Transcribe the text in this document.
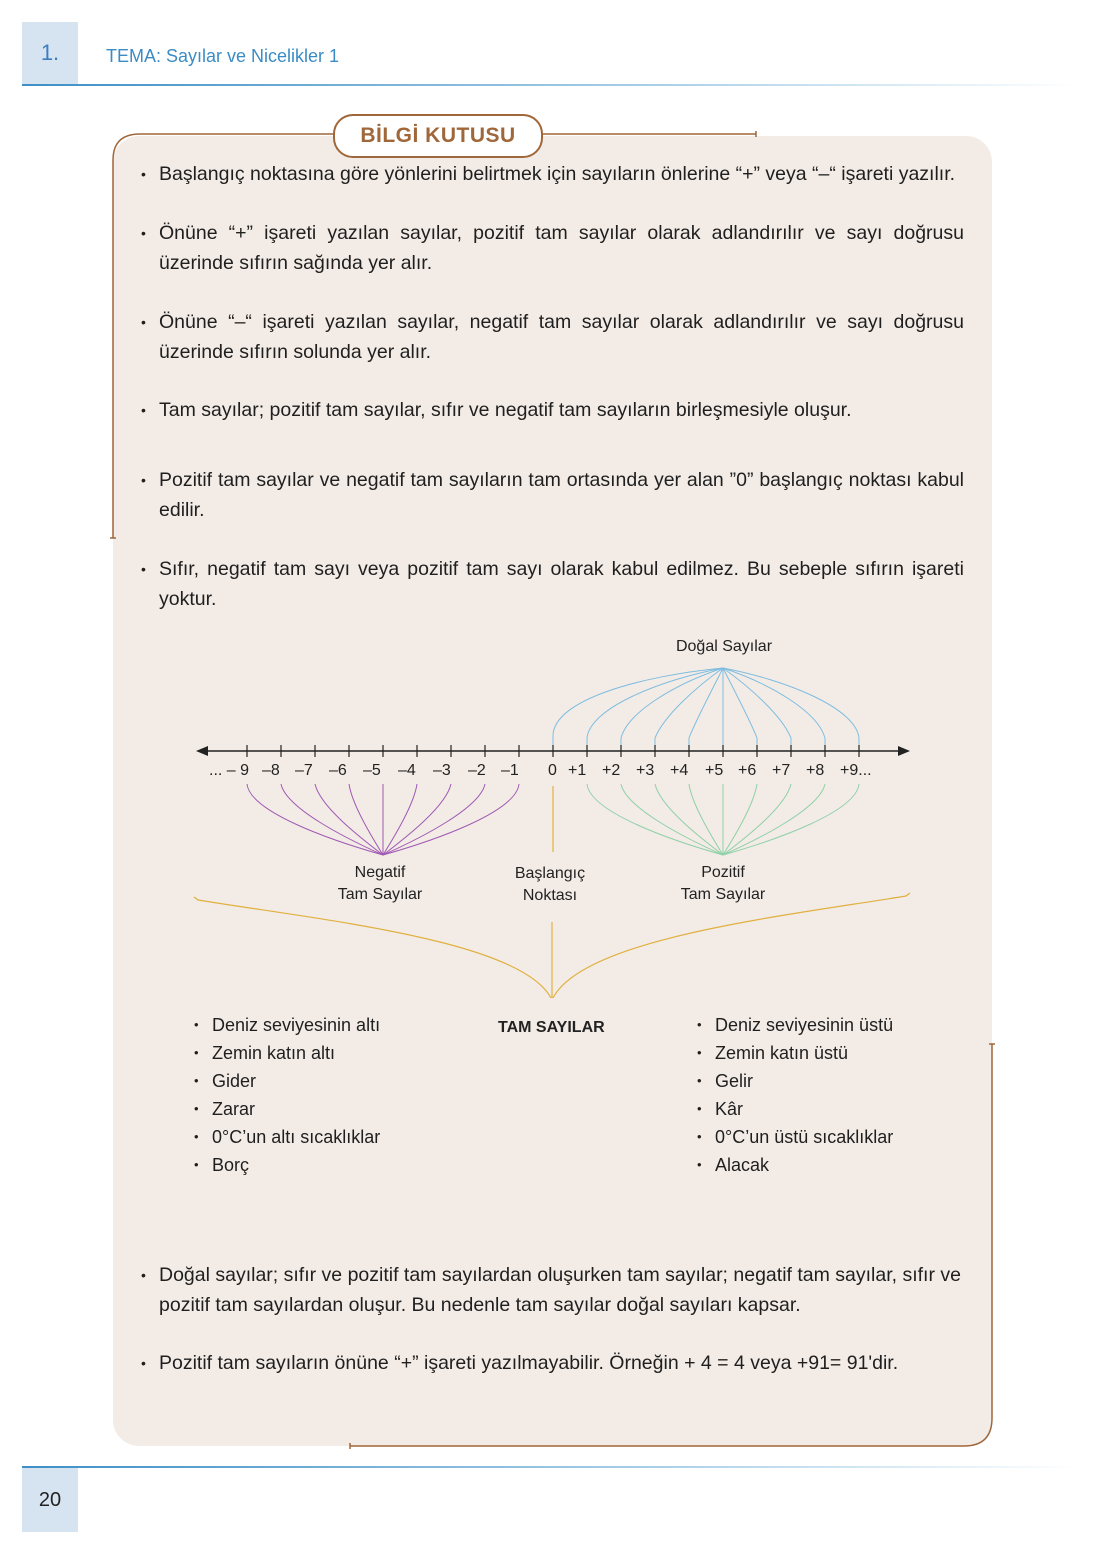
1.	TEMA: Sayılar ve Nicelikler 1
BİLGİ KUTUSU
• Başlangıç noktasına göre yönlerini belirtmek için sayıların önlerine “+” veya “–“ işareti yazılır.
• Önüne “+” işareti yazılan sayılar, pozitif tam sayılar olarak adlandırılır ve sayı doğrusu üzerinde sıfırın sağında yer alır.
• Önüne “–“ işareti yazılan sayılar, negatif tam sayılar olarak adlandırılır ve sayı doğrusu üzerinde sıfırın solunda yer alır.
• Tam sayılar; pozitif tam sayılar, sıfır ve negatif tam sayıların birleşmesiyle oluşur.
• Pozitif tam sayılar ve negatif tam sayıların tam ortasında yer alan ”0” başlangıç noktası kabul edilir.
• Sıfır, negatif tam sayı veya pozitif tam sayı olarak kabul edilmez. Bu sebeple sıfırın işareti yoktur.
Doğal Sayılar
... – 9 –8 –7 –6 –5 –4 –3 –2 –1 0 +1 +2 +3 +4 +5 +6 +7 +8 +9...
Negatif
Tam Sayılar
Başlangıç
Noktası
Pozitif
Tam Sayılar
TAM SAYILAR
• Deniz seviyesinin altı
• Zemin katın altı
• Gider
• Zarar
• 0°C’un altı sıcaklıklar
• Borç
• Deniz seviyesinin üstü
• Zemin katın üstü
• Gelir
• Kâr
• 0°C’un üstü sıcaklıklar
• Alacak
• Doğal sayılar; sıfır ve pozitif tam sayılardan oluşurken tam sayılar; negatif tam sayılar, sıfır ve pozitif tam sayılardan oluşur. Bu nedenle tam sayılar doğal sayıları kapsar.
• Pozitif tam sayıların önüne “+” işareti yazılmayabilir. Örneğin + 4 = 4 veya +91= 91'dir.
20
